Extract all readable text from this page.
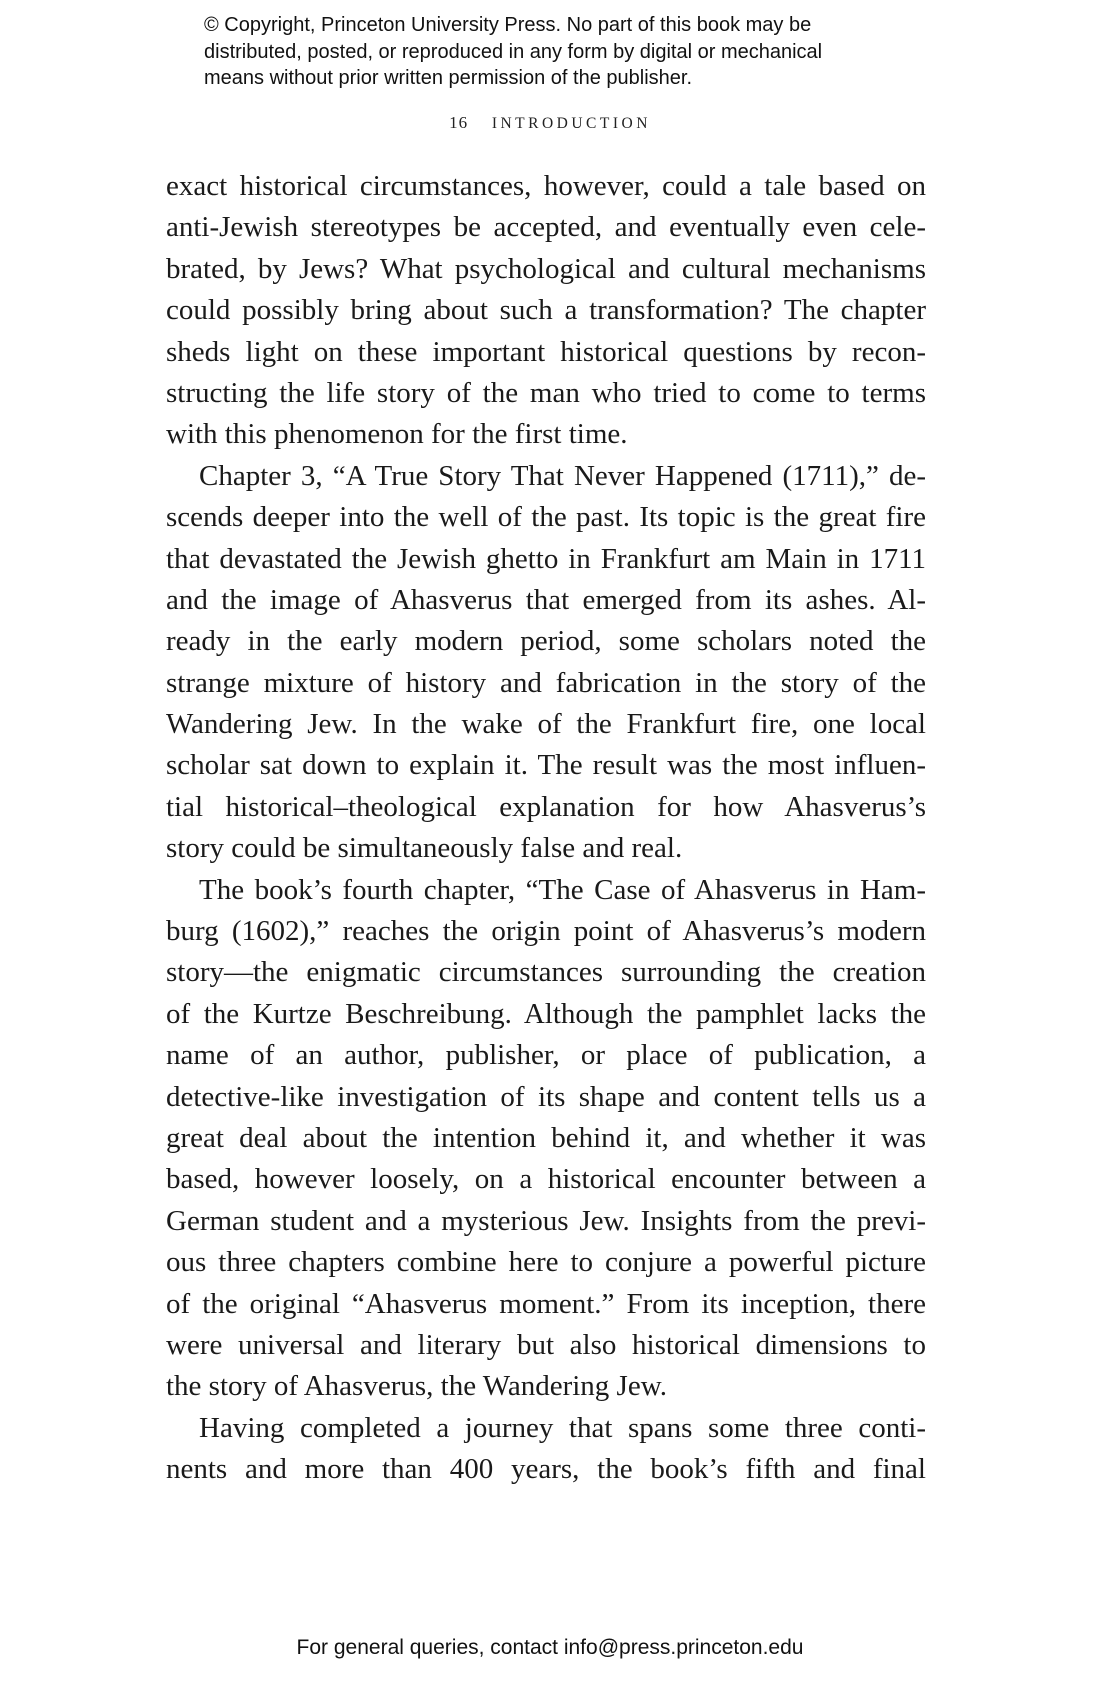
© Copyright, Princeton University Press. No part of this book may be
distributed, posted, or reproduced in any form by digital or mechanical
means without prior written permission of the publisher.
16 INTRODUCTION
exact historical circumstances, however, could a tale based on
anti-Jewish stereotypes be accepted, and eventually even cele-
brated, by Jews? What psychological and cultural mechanisms
could possibly bring about such a transformation? The chapter
sheds light on these important historical questions by recon-
structing the life story of the man who tried to come to terms
with this phenomenon for the first time.
Chapter 3, “A True Story That Never Happened (1711),” de-
scends deeper into the well of the past. Its topic is the great fire
that devastated the Jewish ghetto in Frankfurt am Main in 1711
and the image of Ahasverus that emerged from its ashes. Al-
ready in the early modern period, some scholars noted the
strange mixture of history and fabrication in the story of the
Wandering Jew. In the wake of the Frankfurt fire, one local
scholar sat down to explain it. The result was the most influen-
tial historical–theological explanation for how Ahasverus’s
story could be simultaneously false and real.
The book’s fourth chapter, “The Case of Ahasverus in Ham-
burg (1602),” reaches the origin point of Ahasverus’s modern
story—the enigmatic circumstances surrounding the creation
of the Kurtze Beschreibung. Although the pamphlet lacks the
name of an author, publisher, or place of publication, a
detective-like investigation of its shape and content tells us a
great deal about the intention behind it, and whether it was
based, however loosely, on a historical encounter between a
German student and a mysterious Jew. Insights from the previ-
ous three chapters combine here to conjure a powerful picture
of the original “Ahasverus moment.” From its inception, there
were universal and literary but also historical dimensions to
the story of Ahasverus, the Wandering Jew.
Having completed a journey that spans some three conti-
nents and more than 400 years, the book’s fifth and final
For general queries, contact info@press.princeton.edu
